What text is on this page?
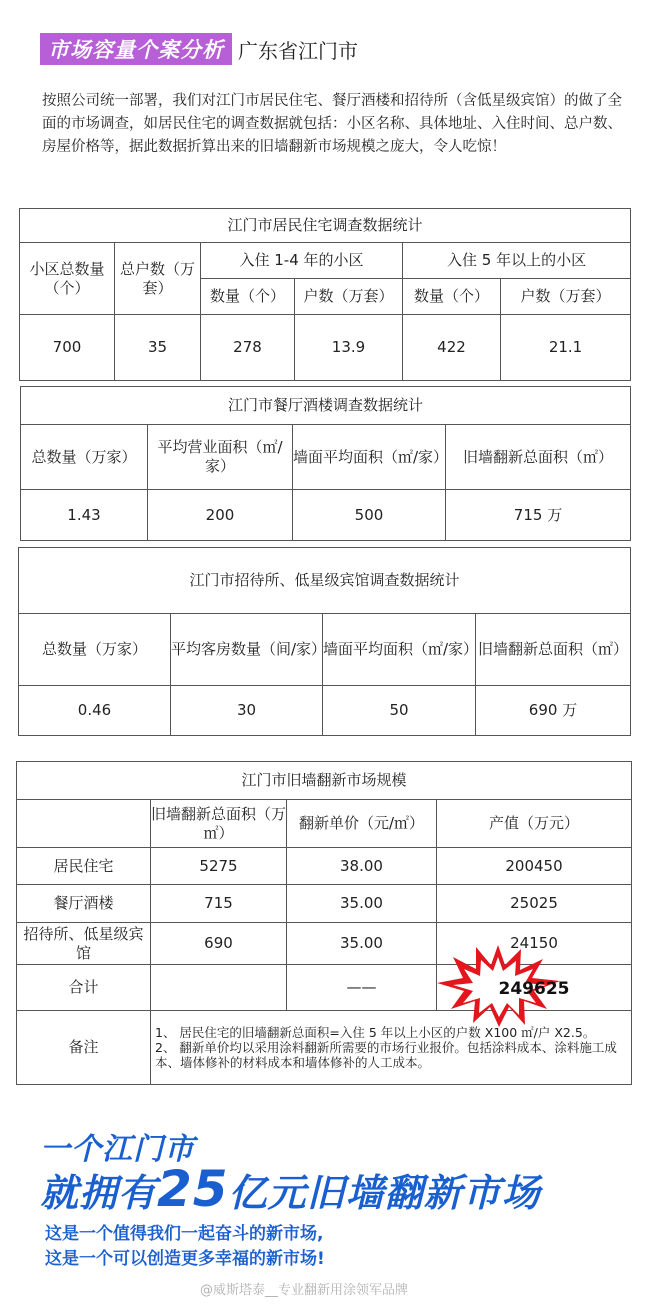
市场容量个案分析 广东省江门市
按照公司统一部署，我们对江门市居民住宅、餐厅酒楼和招待所（含低星级宾馆）的做了全面的市场调查，如居民住宅的调查数据就包括：小区名称、具体地址、入住时间、总户数、房屋价格等，据此数据折算出来的旧墙翻新市场规模之庞大，令人吃惊！
江门市居民住宅调查数据统计					
小区总数量（个）	总户数（万套）	入住 1-4 年的小区		入住 5 年以上的小区	
		数量（个）	户数（万套）	数量（个）	户数（万套）
700	35	278	13.9	422	21.1
江门市餐厅酒楼调查数据统计			
总数量（万家）	平均营业面积（㎡/家）	墙面平均面积（㎡/家）	旧墙翻新总面积（㎡）
1.43	200	500	715 万
江门市招待所、低星级宾馆调查数据统计			
总数量（万家）	平均客房数量（间/家）	墙面平均面积（㎡/家）	旧墙翻新总面积（㎡）
0.46	30	50	690 万
江门市旧墙翻新市场规模			
	旧墙翻新总面积（万㎡）	翻新单价（元/㎡）	产值（万元）
居民住宅	5275	38.00	200450
餐厅酒楼	715	35.00	25025
招待所、低星级宾馆	690	35.00	24150
合计		——	249625

备注	1、 居民住宅的旧墙翻新总面积=入住 5 年以上小区的户数 X100 ㎡/户 X2.5。
2、 翻新单价均以采用涂料翻新所需要的市场行业报价。包括涂料成本、涂料施工成本、墙体修补的材料成本和墙体修补的人工成本。		
一个江门市
就拥有25亿元旧墙翻新市场
这是一个值得我们一起奋斗的新市场,
这是一个可以创造更多幸福的新市场!
@威斯塔泰__专业翻新用涂领军品牌
